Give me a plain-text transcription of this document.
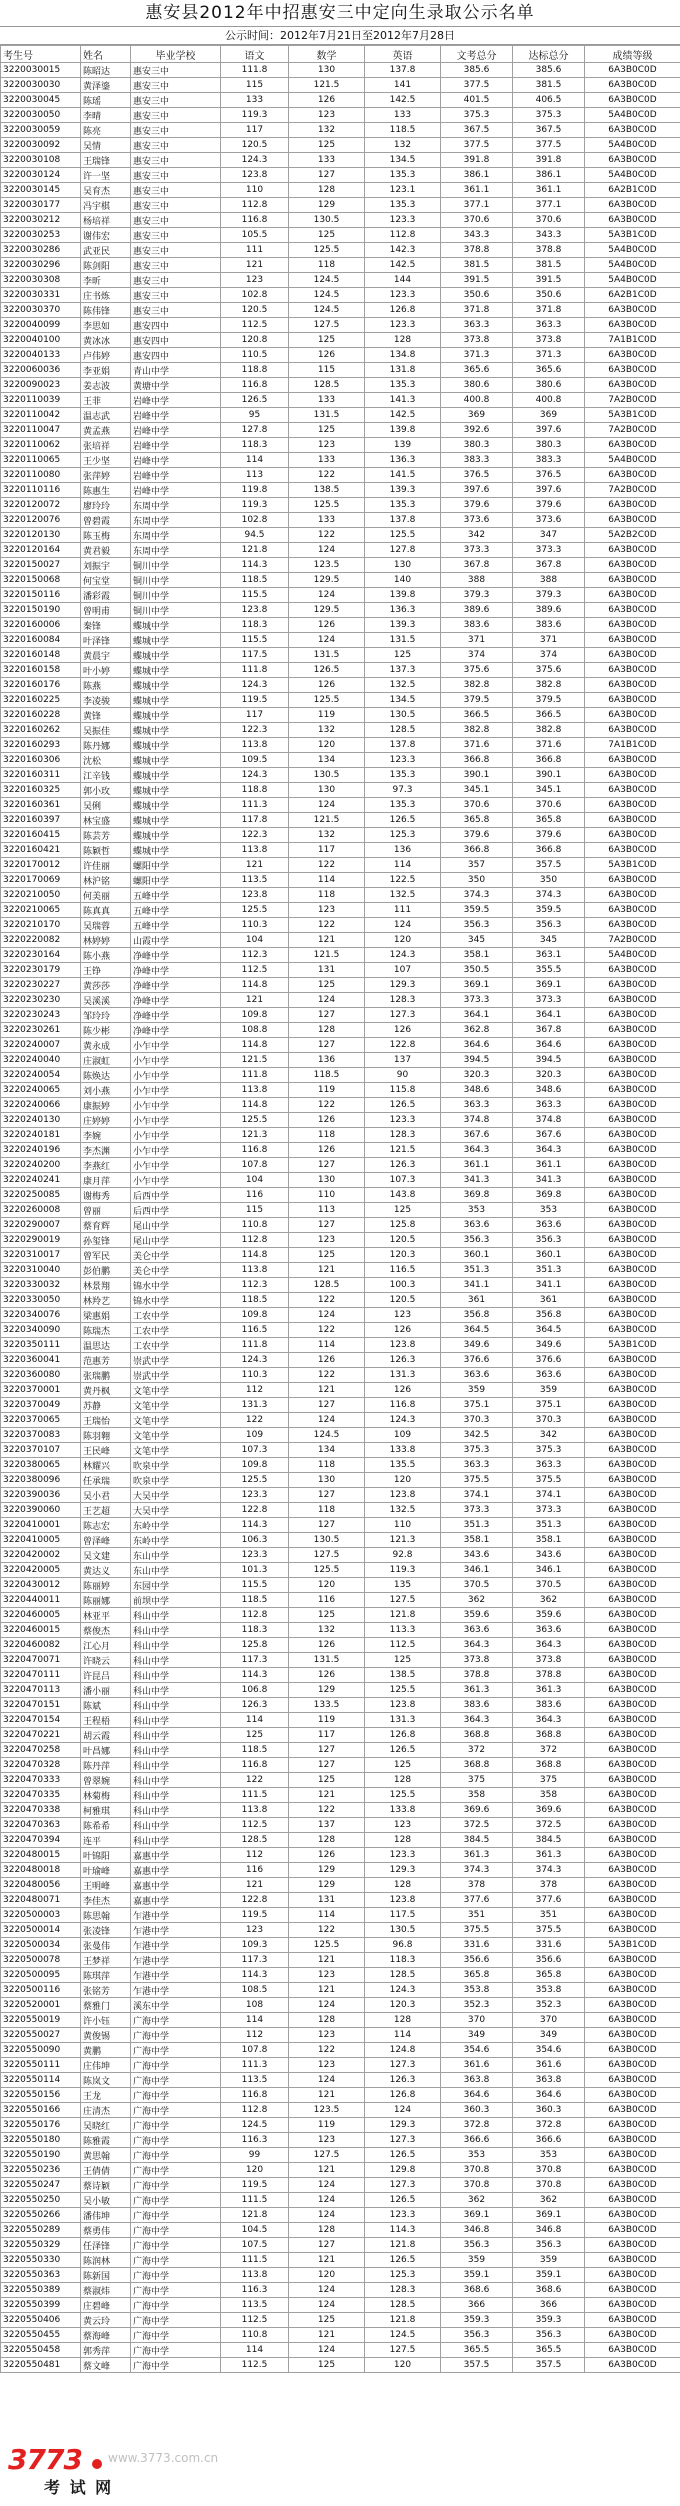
惠安县2012年中招惠安三中定向生录取公示名单
公示时间：2012年7月21日至2012年7月28日
考生号	姓名	毕业学校	语文	数学	英语	文考总分	达标总分	成绩等级
3220030015	陈昭达	惠安三中	111.8	130	137.8	385.6	385.6	6A3B0C0D
3220030030	黄泽鎏	惠安三中	115	121.5	141	377.5	381.5	6A3B0C0D
3220030045	陈瑶	惠安三中	133	126	142.5	401.5	406.5	6A3B0C0D
3220030050	李晴	惠安三中	119.3	123	133	375.3	375.3	5A4B0C0D
3220030059	陈亮	惠安三中	117	132	118.5	367.5	367.5	6A3B0C0D
3220030092	吴情	惠安三中	120.5	125	132	377.5	377.5	5A4B0C0D
3220030108	王瑞锋	惠安三中	124.3	133	134.5	391.8	391.8	6A3B0C0D
3220030124	许一坚	惠安三中	123.8	127	135.3	386.1	386.1	5A4B0C0D
3220030145	吴育杰	惠安三中	110	128	123.1	361.1	361.1	6A2B1C0D
3220030177	冯宇棋	惠安三中	112.8	129	135.3	377.1	377.1	6A3B0C0D
3220030212	杨培祥	惠安三中	116.8	130.5	123.3	370.6	370.6	6A3B0C0D
3220030253	谢伟宏	惠安三中	105.5	125	112.8	343.3	343.3	5A3B1C0D
3220030286	武亚民	惠安三中	111	125.5	142.3	378.8	378.8	5A4B0C0D
3220030296	陈剑阳	惠安三中	121	118	142.5	381.5	381.5	5A4B0C0D
3220030308	李昕	惠安三中	123	124.5	144	391.5	391.5	5A4B0C0D
3220030331	庄书炼	惠安三中	102.8	124.5	123.3	350.6	350.6	6A2B1C0D
3220030370	陈伟锋	惠安三中	120.5	124.5	126.8	371.8	371.8	6A3B0C0D
3220040099	李思如	惠安四中	112.5	127.5	123.3	363.3	363.3	6A3B0C0D
3220040100	黄冰冰	惠安四中	120.8	125	128	373.8	373.8	7A1B1C0D
3220040133	卢伟婷	惠安四中	110.5	126	134.8	371.3	371.3	6A3B0C0D
3220060036	李亚娟	青山中学	118.8	115	131.8	365.6	365.6	6A3B0C0D
3220090023	姜志波	黄塘中学	116.8	128.5	135.3	380.6	380.6	6A3B0C0D
3220110039	王菲	岩峰中学	126.5	133	141.3	400.8	400.8	7A2B0C0D
3220110042	温志武	岩峰中学	95	131.5	142.5	369	369	5A3B1C0D
3220110047	黄孟燕	岩峰中学	127.8	125	139.8	392.6	397.6	7A2B0C0D
3220110062	张培祥	岩峰中学	118.3	123	139	380.3	380.3	6A3B0C0D
3220110065	王少坚	岩峰中学	114	133	136.3	383.3	383.3	5A4B0C0D
3220110080	张萍婷	岩峰中学	113	122	141.5	376.5	376.5	6A3B0C0D
3220110116	陈惠生	岩峰中学	119.8	138.5	139.3	397.6	397.6	7A2B0C0D
3220120072	廖玲玲	东周中学	119.3	125.5	135.3	379.6	379.6	6A3B0C0D
3220120076	曾碧霞	东周中学	102.8	133	137.8	373.6	373.6	6A3B0C0D
3220120130	陈玉梅	东周中学	94.5	122	125.5	342	347	5A2B2C0D
3220120164	黄君毅	东周中学	121.8	124	127.8	373.3	373.3	6A3B0C0D
3220150027	刘振宇	铜川中学	114.3	123.5	130	367.8	367.8	6A3B0C0D
3220150068	何宝堂	铜川中学	118.5	129.5	140	388	388	6A3B0C0D
3220150116	潘彩霞	铜川中学	115.5	124	139.8	379.3	379.3	6A3B0C0D
3220150190	曾明甫	铜川中学	123.8	129.5	136.3	389.6	389.6	6A3B0C0D
3220160006	秦锋	蝶城中学	118.3	126	139.3	383.6	383.6	6A3B0C0D
3220160084	叶泽锋	蝶城中学	115.5	124	131.5	371	371	6A3B0C0D
3220160148	黄晨宇	蝶城中学	117.5	131.5	125	374	374	6A3B0C0D
3220160158	叶小婷	蝶城中学	111.8	126.5	137.3	375.6	375.6	6A3B0C0D
3220160176	陈燕	蝶城中学	124.3	126	132.5	382.8	382.8	6A3B0C0D
3220160225	李凌骏	蝶城中学	119.5	125.5	134.5	379.5	379.5	6A3B0C0D
3220160228	黄锋	蝶城中学	117	119	130.5	366.5	366.5	6A3B0C0D
3220160262	吴振佳	蝶城中学	122.3	132	128.5	382.8	382.8	6A3B0C0D
3220160293	陈丹娜	蝶城中学	113.8	120	137.8	371.6	371.6	7A1B1C0D
3220160306	沈松	蝶城中学	109.5	134	123.3	366.8	366.8	6A3B0C0D
3220160311	江辛钱	蝶城中学	124.3	130.5	135.3	390.1	390.1	6A3B0C0D
3220160325	郭小玫	蝶城中学	118.8	130	97.3	345.1	345.1	6A3B0C0D
3220160361	吴俐	蝶城中学	111.3	124	135.3	370.6	370.6	6A3B0C0D
3220160397	林宝盛	蝶城中学	117.8	121.5	126.5	365.8	365.8	6A3B0C0D
3220160415	陈芸芳	蝶城中学	122.3	132	125.3	379.6	379.6	6A3B0C0D
3220160421	陈颖哲	蝶城中学	113.8	117	136	366.8	366.8	6A3B0C0D
3220170012	许佳丽	螺阳中学	121	122	114	357	357.5	5A3B1C0D
3220170069	林沪铭	螺阳中学	113.5	114	122.5	350	350	6A3B0C0D
3220210050	何美丽	五峰中学	123.8	118	132.5	374.3	374.3	6A3B0C0D
3220210065	陈真真	五峰中学	125.5	123	111	359.5	359.5	6A3B0C0D
3220210170	吴瑞蓉	五峰中学	110.3	122	124	356.3	356.3	6A3B0C0D
3220220082	林婷婷	山霞中学	104	121	120	345	345	7A2B0C0D
3220230164	陈小燕	净峰中学	112.3	121.5	124.3	358.1	363.1	5A4B0C0D
3220230179	王铮	净峰中学	112.5	131	107	350.5	355.5	6A3B0C0D
3220230227	黄莎莎	净峰中学	114.8	125	129.3	369.1	369.1	6A3B0C0D
3220230230	吴溪溪	净峰中学	121	124	128.3	373.3	373.3	6A3B0C0D
3220230243	邹玲玲	净峰中学	109.8	127	127.3	364.1	364.1	6A3B0C0D
3220230261	陈少彬	净峰中学	108.8	128	126	362.8	367.8	6A3B0C0D
3220240007	黄永成	小乍中学	114.8	127	122.8	364.6	364.6	6A3B0C0D
3220240040	庄淑虹	小乍中学	121.5	136	137	394.5	394.5	6A3B0C0D
3220240054	陈焕达	小乍中学	111.8	118.5	90	320.3	320.3	6A3B0C0D
3220240065	刘小燕	小乍中学	113.8	119	115.8	348.6	348.6	6A3B0C0D
3220240066	康振婷	小乍中学	114.8	122	126.5	363.3	363.3	6A3B0C0D
3220240130	庄婷婷	小乍中学	125.5	126	123.3	374.8	374.8	6A3B0C0D
3220240181	李婉	小乍中学	121.3	118	128.3	367.6	367.6	6A3B0C0D
3220240196	李杰渊	小乍中学	116.8	126	121.5	364.3	364.3	6A3B0C0D
3220240200	李燕红	小乍中学	107.8	127	126.3	361.1	361.1	6A3B0C0D
3220240241	康月萍	小乍中学	104	130	107.3	341.3	341.3	6A3B0C0D
3220250085	谢梅秀	后西中学	116	110	143.8	369.8	369.8	6A3B0C0D
3220260008	曾丽	后西中学	115	113	125	353	353	6A3B0C0D
3220290007	蔡育辉	尾山中学	110.8	127	125.8	363.6	363.6	6A3B0C0D
3220290019	孙玺锋	尾山中学	112.8	123	120.5	356.3	356.3	6A3B0C0D
3220310017	曾军民	美仑中学	114.8	125	120.3	360.1	360.1	6A3B0C0D
3220310040	彭伯鹏	美仑中学	113.8	121	116.5	351.3	351.3	6A3B0C0D
3220330032	林景翔	锦水中学	112.3	128.5	100.3	341.1	341.1	6A3B0C0D
3220330050	林羚艺	锦水中学	118.5	122	120.5	361	361	6A3B0C0D
3220340076	梁惠娟	工农中学	109.8	124	123	356.8	356.8	6A3B0C0D
3220340090	陈瑞杰	工农中学	116.5	122	126	364.5	364.5	6A3B0C0D
3220350111	温思达	工农中学	111.8	114	123.8	349.6	349.6	5A3B1C0D
3220360041	范惠芳	崇武中学	124.3	126	126.3	376.6	376.6	6A3B0C0D
3220360080	张瑞鹏	崇武中学	110.3	122	131.3	363.6	363.6	6A3B0C0D
3220370001	黄丹枫	文笔中学	112	121	126	359	359	6A3B0C0D
3220370049	苏静	文笔中学	131.3	127	116.8	375.1	375.1	6A3B0C0D
3220370065	王瑞怡	文笔中学	122	124	124.3	370.3	370.3	6A3B0C0D
3220370083	陈羽翱	文笔中学	109	124.5	109	342.5	342	6A3B0C0D
3220370107	王民峰	文笔中学	107.3	134	133.8	375.3	375.3	6A3B0C0D
3220380065	林耀兴	吹泉中学	109.8	118	135.5	363.3	363.3	6A3B0C0D
3220380096	任承瑞	吹泉中学	125.5	130	120	375.5	375.5	6A3B0C0D
3220390036	吴小君	大吴中学	123.3	127	123.8	374.1	374.1	6A3B0C0D
3220390060	王艺超	大吴中学	122.8	118	132.5	373.3	373.3	6A3B0C0D
3220410001	陈志宏	东岭中学	114.3	127	110	351.3	351.3	6A3B0C0D
3220410005	曾泽峰	东岭中学	106.3	130.5	121.3	358.1	358.1	6A3B0C0D
3220420002	吴文建	东山中学	123.3	127.5	92.8	343.6	343.6	6A3B0C0D
3220420005	黄达义	东山中学	101.3	125.5	119.3	346.1	346.1	6A3B0C0D
3220430012	陈丽婷	东园中学	115.5	120	135	370.5	370.5	6A3B0C0D
3220440011	陈丽娜	前坝中学	118.5	116	127.5	362	362	6A3B0C0D
3220460005	林亚平	科山中学	112.8	125	121.8	359.6	359.6	6A3B0C0D
3220460015	蔡俊杰	科山中学	118.3	132	113.3	363.6	363.6	6A3B0C0D
3220460082	江心月	科山中学	125.8	126	112.5	364.3	364.3	6A3B0C0D
3220470071	许晓云	科山中学	117.3	131.5	125	373.8	373.8	6A3B0C0D
3220470111	许昆吕	科山中学	114.3	126	138.5	378.8	378.8	6A3B0C0D
3220470113	潘小丽	科山中学	106.8	129	125.5	361.3	361.3	6A3B0C0D
3220470151	陈斌	科山中学	126.3	133.5	123.8	383.6	383.6	6A3B0C0D
3220470154	王程梧	科山中学	114	119	131.3	364.3	364.3	6A3B0C0D
3220470221	胡云霞	科山中学	125	117	126.8	368.8	368.8	6A3B0C0D
3220470258	叶昌娜	科山中学	118.5	127	126.5	372	372	6A3B0C0D
3220470328	陈丹萍	科山中学	116.8	127	125	368.8	368.8	6A3B0C0D
3220470333	曾翠婉	科山中学	122	125	128	375	375	6A3B0C0D
3220470335	林菊梅	科山中学	111.5	121	125.5	358	358	6A3B0C0D
3220470338	柯雅琪	科山中学	113.8	122	133.8	369.6	369.6	6A3B0C0D
3220470363	陈希希	科山中学	112.5	137	123	372.5	372.5	6A3B0C0D
3220470394	连平	科山中学	128.5	128	128	384.5	384.5	6A3B0C0D
3220480015	叶锦阳	嘉惠中学	112	126	123.3	361.3	361.3	6A3B0C0D
3220480018	叶瑜峰	嘉惠中学	116	129	129.3	374.3	374.3	6A3B0C0D
3220480056	王明峰	嘉惠中学	121	129	128	378	378	6A3B0C0D
3220480071	李佳杰	嘉惠中学	122.8	131	123.8	377.6	377.6	6A3B0C0D
3220500003	陈思翰	乍港中学	119.5	114	117.5	351	351	6A3B0C0D
3220500014	张凌锋	乍港中学	123	122	130.5	375.5	375.5	6A3B0C0D
3220500034	张曼伟	乍港中学	109.3	125.5	96.8	331.6	331.6	5A3B1C0D
3220500078	王梦祥	乍港中学	117.3	121	118.3	356.6	356.6	6A3B0C0D
3220500095	陈琪萍	乍港中学	114.3	123	128.5	365.8	365.8	6A3B0C0D
3220500116	张铭芳	乍港中学	108.5	121	124.3	353.8	353.8	6A3B0C0D
3220520001	蔡雅门	溪东中学	108	124	120.3	352.3	352.3	6A3B0C0D
3220550019	许小钰	广海中学	114	128	128	370	370	6A3B0C0D
3220550027	黄俊锡	广海中学	112	123	114	349	349	6A3B0C0D
3220550090	黄鹏	广海中学	107.8	122	124.8	354.6	354.6	6A3B0C0D
3220550111	庄伟坤	广海中学	111.3	123	127.3	361.6	361.6	6A3B0C0D
3220550114	陈岚文	广海中学	113.5	124	126.3	363.8	363.8	6A3B0C0D
3220550156	王龙	广海中学	116.8	121	126.8	364.6	364.6	6A3B0C0D
3220550166	庄清杰	广海中学	112.8	123.5	124	360.3	360.3	6A3B0C0D
3220550176	吴晓红	广海中学	124.5	119	129.3	372.8	372.8	6A3B0C0D
3220550180	陈雅霞	广海中学	116.3	123	127.3	366.6	366.6	6A3B0C0D
3220550190	黄思翰	广海中学	99	127.5	126.5	353	353	6A3B0C0D
3220550236	王倩倩	广海中学	120	121	129.8	370.8	370.8	6A3B0C0D
3220550247	蔡诗颖	广海中学	119.5	124	127.3	370.8	370.8	6A3B0C0D
3220550250	吴小敏	广海中学	111.5	124	126.5	362	362	6A3B0C0D
3220550266	潘伟坤	广海中学	121.8	124	123.3	369.1	369.1	6A3B0C0D
3220550289	蔡勇伟	广海中学	104.5	128	114.3	346.8	346.8	6A3B0C0D
3220550329	任泽锋	广海中学	107.5	127	121.8	356.3	356.3	6A3B0C0D
3220550330	陈润林	广海中学	111.5	121	126.5	359	359	6A3B0C0D
3220550363	陈新国	广海中学	113.8	120	125.3	359.1	359.1	6A3B0C0D
3220550389	蔡淑炜	广海中学	116.3	124	128.3	368.6	368.6	6A3B0C0D
3220550399	庄碧峰	广海中学	113.5	124	128.5	366	366	6A3B0C0D
3220550406	黄云玲	广海中学	112.5	125	121.8	359.3	359.3	6A3B0C0D
3220550455	蔡海峰	广海中学	110.8	121	124.5	356.3	356.3	6A3B0C0D
3220550458	郭秀萍	广海中学	114	124	127.5	365.5	365.5	6A3B0C0D
3220550481	蔡文峰	广海中学	112.5	125	120	357.5	357.5	6A3B0C0D
3773 www.3773.com.cn
考 试 网
